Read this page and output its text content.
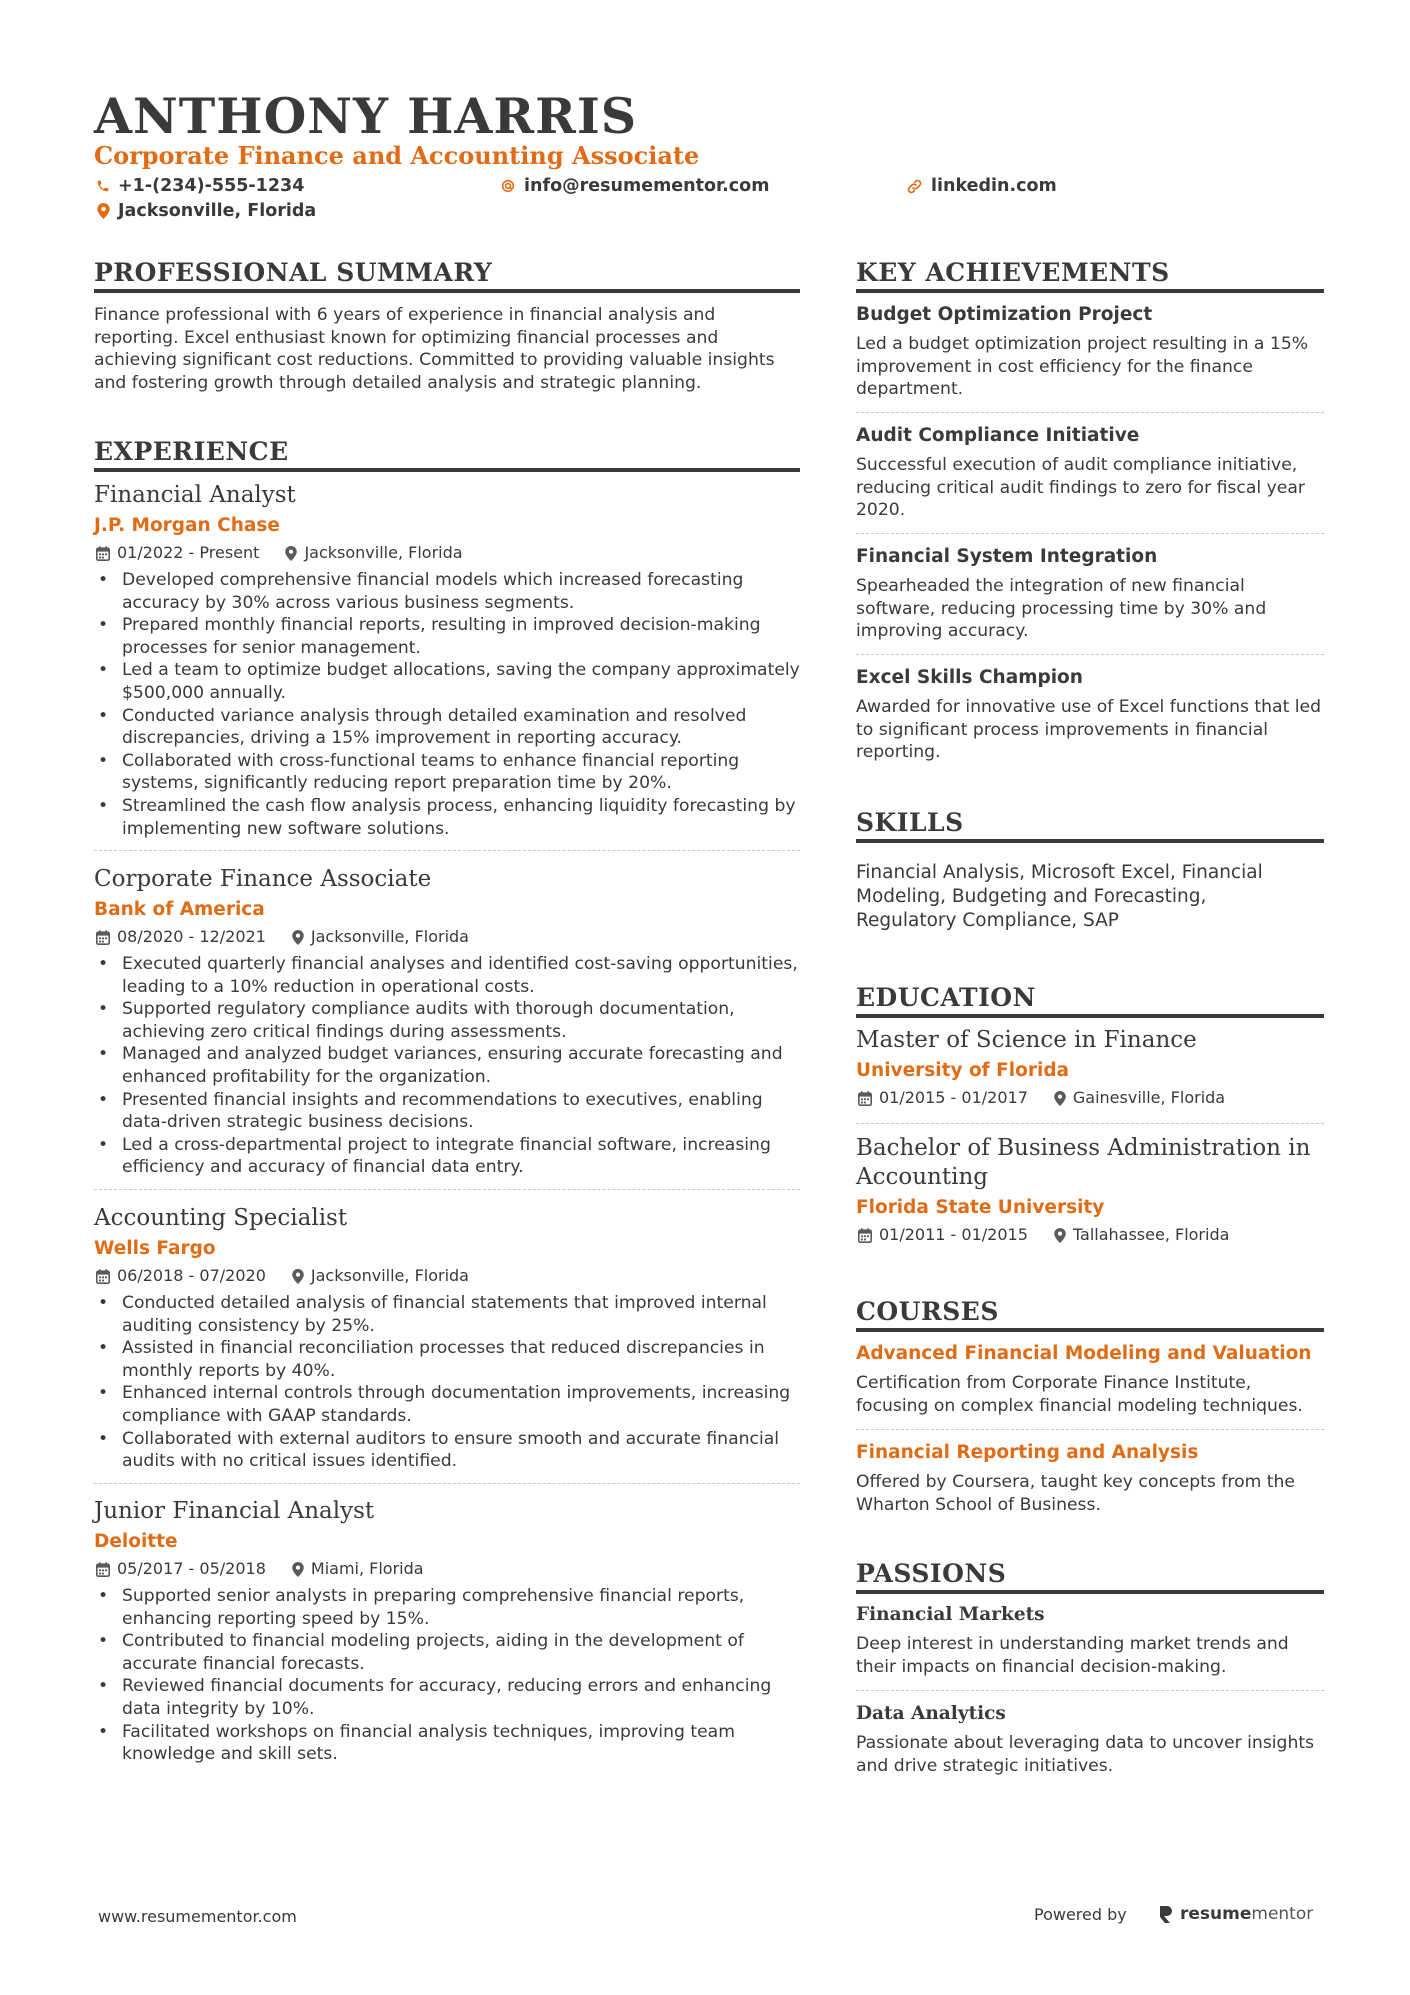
ANTHONY HARRIS
Corporate Finance and Accounting Associate
+1-(234)-555-1234	info@resumementor.com	linkedin.com
Jacksonville, Florida
PROFESSIONAL SUMMARY
Finance professional with 6 years of experience in financial analysis and
reporting. Excel enthusiast known for optimizing financial processes and
achieving significant cost reductions. Committed to providing valuable insights
and fostering growth through detailed analysis and strategic planning.
EXPERIENCE
Financial Analyst
J.P. Morgan Chase
01/2022 - Present	Jacksonville, Florida
• Developed comprehensive financial models which increased forecasting
accuracy by 30% across various business segments.
• Prepared monthly financial reports, resulting in improved decision-making
processes for senior management.
• Led a team to optimize budget allocations, saving the company approximately
$500,000 annually.
• Conducted variance analysis through detailed examination and resolved
discrepancies, driving a 15% improvement in reporting accuracy.
• Collaborated with cross-functional teams to enhance financial reporting
systems, significantly reducing report preparation time by 20%.
• Streamlined the cash flow analysis process, enhancing liquidity forecasting by
implementing new software solutions.
Corporate Finance Associate
Bank of America
08/2020 - 12/2021	Jacksonville, Florida
• Executed quarterly financial analyses and identified cost-saving opportunities,
leading to a 10% reduction in operational costs.
• Supported regulatory compliance audits with thorough documentation,
achieving zero critical findings during assessments.
• Managed and analyzed budget variances, ensuring accurate forecasting and
enhanced profitability for the organization.
• Presented financial insights and recommendations to executives, enabling
data-driven strategic business decisions.
• Led a cross-departmental project to integrate financial software, increasing
efficiency and accuracy of financial data entry.
Accounting Specialist
Wells Fargo
06/2018 - 07/2020	Jacksonville, Florida
• Conducted detailed analysis of financial statements that improved internal
auditing consistency by 25%.
• Assisted in financial reconciliation processes that reduced discrepancies in
monthly reports by 40%.
• Enhanced internal controls through documentation improvements, increasing
compliance with GAAP standards.
• Collaborated with external auditors to ensure smooth and accurate financial
audits with no critical issues identified.
Junior Financial Analyst
Deloitte
05/2017 - 05/2018	Miami, Florida
• Supported senior analysts in preparing comprehensive financial reports,
enhancing reporting speed by 15%.
• Contributed to financial modeling projects, aiding in the development of
accurate financial forecasts.
• Reviewed financial documents for accuracy, reducing errors and enhancing
data integrity by 10%.
• Facilitated workshops on financial analysis techniques, improving team
knowledge and skill sets.
KEY ACHIEVEMENTS
Budget Optimization Project
Led a budget optimization project resulting in a 15%
improvement in cost efficiency for the finance
department.
Audit Compliance Initiative
Successful execution of audit compliance initiative,
reducing critical audit findings to zero for fiscal year
2020.
Financial System Integration
Spearheaded the integration of new financial
software, reducing processing time by 30% and
improving accuracy.
Excel Skills Champion
Awarded for innovative use of Excel functions that led
to significant process improvements in financial
reporting.
SKILLS
Financial Analysis, Microsoft Excel, Financial
Modeling, Budgeting and Forecasting,
Regulatory Compliance, SAP
EDUCATION
Master of Science in Finance
University of Florida
01/2015 - 01/2017	Gainesville, Florida
Bachelor of Business Administration in
Accounting
Florida State University
01/2011 - 01/2015	Tallahassee, Florida
COURSES
Advanced Financial Modeling and Valuation
Certification from Corporate Finance Institute,
focusing on complex financial modeling techniques.
Financial Reporting and Analysis
Offered by Coursera, taught key concepts from the
Wharton School of Business.
PASSIONS
Financial Markets
Deep interest in understanding market trends and
their impacts on financial decision-making.
Data Analytics
Passionate about leveraging data to uncover insights
and drive strategic initiatives.
www.resumementor.com	Powered by	resume mentor
